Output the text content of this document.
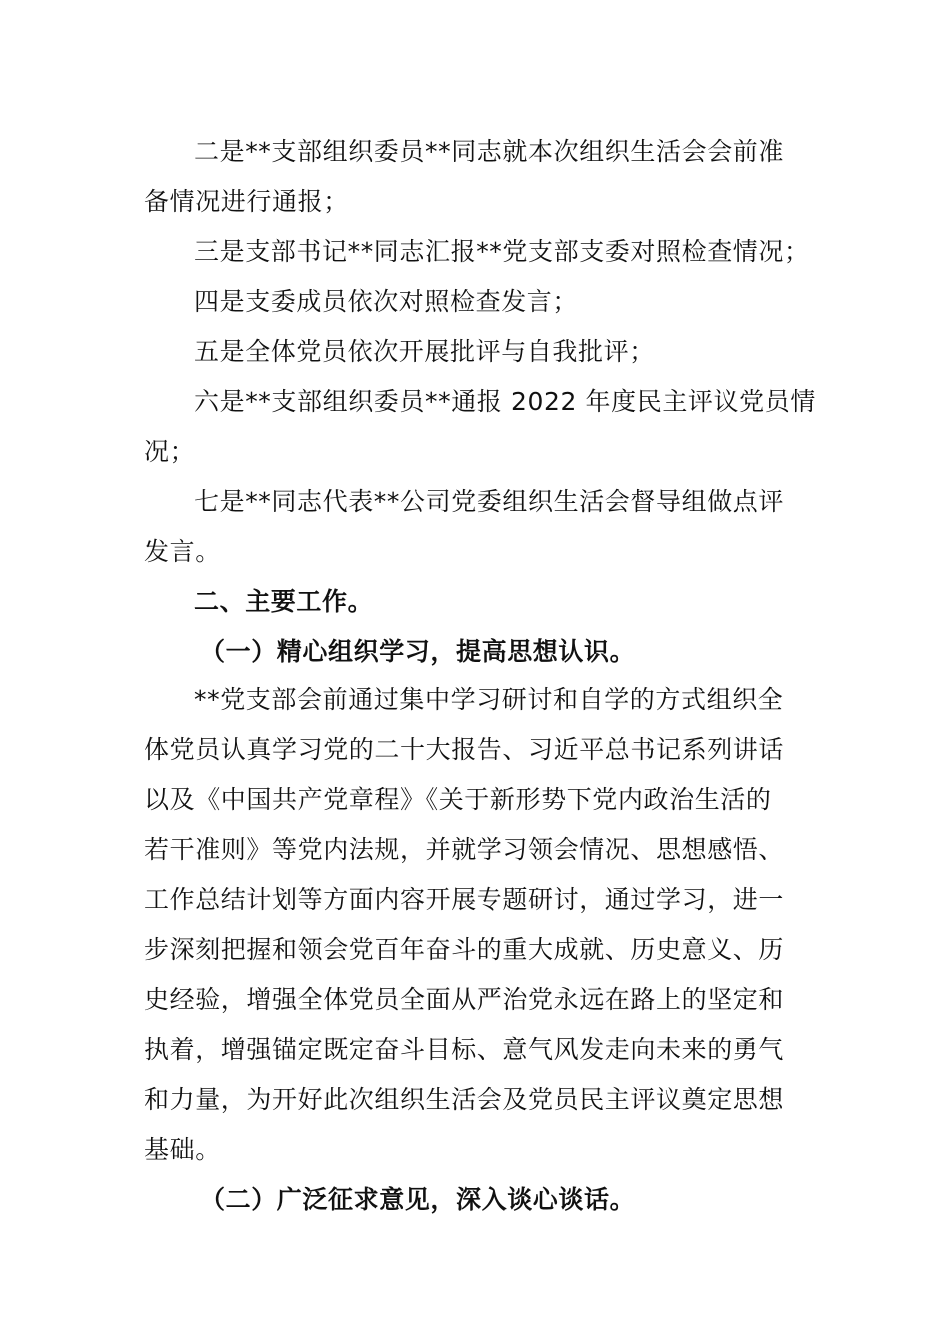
二是**支部组织委员**同志就本次组织生活会会前准
备情况进行通报；
三是支部书记**同志汇报**党支部支委对照检查情况；
四是支委成员依次对照检查发言；
五是全体党员依次开展批评与自我批评；
六是**支部组织委员**通报 2022 年度民主评议党员情
况；
七是**同志代表**公司党委组织生活会督导组做点评
发言。
二、主要工作。
（一）精心组织学习，提高思想认识。
**党支部会前通过集中学习研讨和自学的方式组织全
体党员认真学习党的二十大报告、习近平总书记系列讲话
以及《中国共产党章程》《关于新形势下党内政治生活的
若干准则》等党内法规，并就学习领会情况、思想感悟、
工作总结计划等方面内容开展专题研讨，通过学习，进一
步深刻把握和领会党百年奋斗的重大成就、历史意义、历
史经验，增强全体党员全面从严治党永远在路上的坚定和
执着，增强锚定既定奋斗目标、意气风发走向未来的勇气
和力量，为开好此次组织生活会及党员民主评议奠定思想
基础。
（二）广泛征求意见，深入谈心谈话。
